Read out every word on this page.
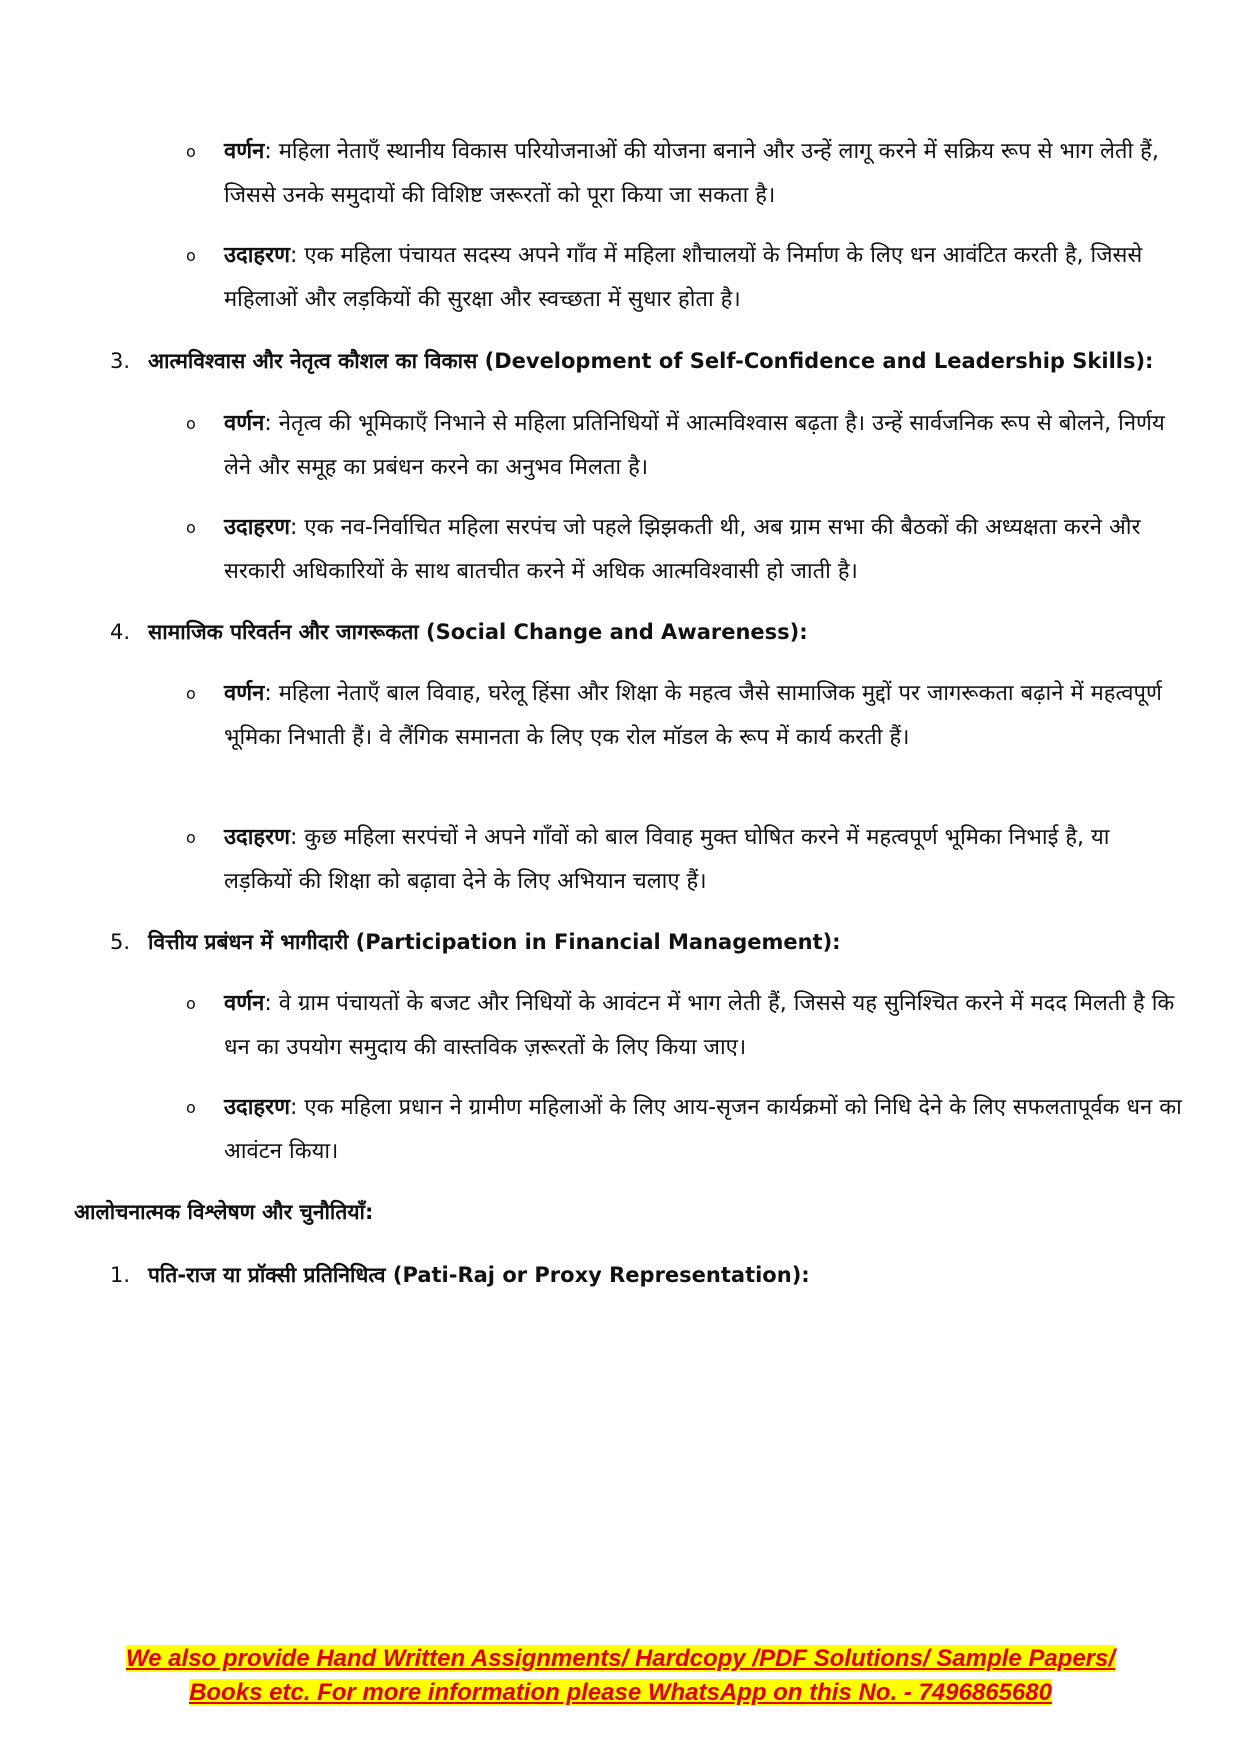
o वर्णन: महिला नेताएँ स्थानीय विकास परियोजनाओं की योजना बनाने और उन्हें लागू करने में सक्रिय रूप से भाग लेती हैं, जिससे उनके समुदायों की विशिष्ट जरूरतों को पूरा किया जा सकता है।
o उदाहरण: एक महिला पंचायत सदस्य अपने गाँव में महिला शौचालयों के निर्माण के लिए धन आवंटित करती है, जिससे महिलाओं और लड़कियों की सुरक्षा और स्वच्छता में सुधार होता है।
3. आत्मविश्वास और नेतृत्व कौशल का विकास (Development of Self-Confidence and Leadership Skills):
o वर्णन: नेतृत्व की भूमिकाएँ निभाने से महिला प्रतिनिधियों में आत्मविश्वास बढ़ता है। उन्हें सार्वजनिक रूप से बोलने, निर्णय लेने और समूह का प्रबंधन करने का अनुभव मिलता है।
o उदाहरण: एक नव-निर्वाचित महिला सरपंच जो पहले झिझकती थी, अब ग्राम सभा की बैठकों की अध्यक्षता करने और सरकारी अधिकारियों के साथ बातचीत करने में अधिक आत्मविश्वासी हो जाती है।
4. सामाजिक परिवर्तन और जागरूकता (Social Change and Awareness):
o वर्णन: महिला नेताएँ बाल विवाह, घरेलू हिंसा और शिक्षा के महत्व जैसे सामाजिक मुद्दों पर जागरूकता बढ़ाने में महत्वपूर्ण भूमिका निभाती हैं। वे लैंगिक समानता के लिए एक रोल मॉडल के रूप में कार्य करती हैं।
o उदाहरण: कुछ महिला सरपंचों ने अपने गाँवों को बाल विवाह मुक्त घोषित करने में महत्वपूर्ण भूमिका निभाई है, या लड़कियों की शिक्षा को बढ़ावा देने के लिए अभियान चलाए हैं।
5. वित्तीय प्रबंधन में भागीदारी (Participation in Financial Management):
o वर्णन: वे ग्राम पंचायतों के बजट और निधियों के आवंटन में भाग लेती हैं, जिससे यह सुनिश्चित करने में मदद मिलती है कि धन का उपयोग समुदाय की वास्तविक ज़रूरतों के लिए किया जाए।
o उदाहरण: एक महिला प्रधान ने ग्रामीण महिलाओं के लिए आय-सृजन कार्यक्रमों को निधि देने के लिए सफलतापूर्वक धन का आवंटन किया।
आलोचनात्मक विश्लेषण और चुनौतियाँ:
1. पति-राज या प्रॉक्सी प्रतिनिधित्व (Pati-Raj or Proxy Representation):
We also provide Hand Written Assignments/ Hardcopy /PDF Solutions/ Sample Papers/
Books etc. For more information please WhatsApp on this No. - 7496865680
